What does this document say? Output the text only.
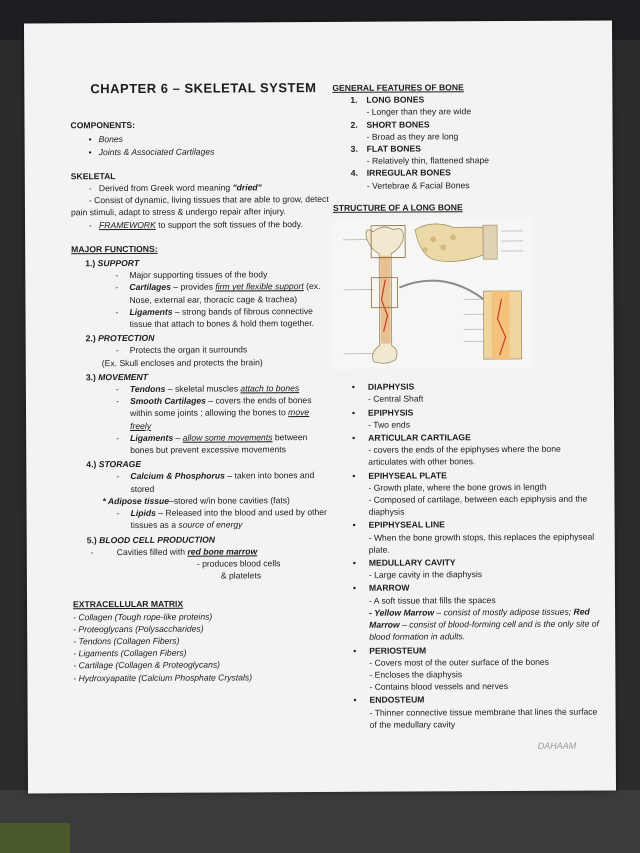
CHAPTER 6 – SKELETAL SYSTEM
COMPONENTS:
• Bones
• Joints & Associated Cartilages
SKELETAL
- Derived from Greek word meaning "dried"
- Consist of dynamic, living tissues that are able to grow, detect pain stimuli, adapt to stress & undergo repair after injury.
- FRAMEWORK to support the soft tissues of the body.
MAJOR FUNCTIONS:
1.) SUPPORT
- Major supporting tissues of the body
- Cartilages – provides firm yet flexible support (ex. Nose, external ear, thoracic cage & trachea)
- Ligaments – strong bands of fibrous connective tissue that attach to bones & hold them together.
2.) PROTECTION
- Protects the organ it surrounds
(Ex. Skull encloses and protects the brain)
3.) MOVEMENT
- Tendons – skeletal muscles attach to bones
- Smooth Cartilages – covers the ends of bones within some joints ; allowing the bones to move freely
- Ligaments – allow some movements between bones but prevent excessive movements
4.) STORAGE
- Calcium & Phosphorus – taken into bones and stored
* Adipose tissue–stored w/in bone cavities (fats)
- Lipids – Released into the blood and used by other tissues as a source of energy
5.) BLOOD CELL PRODUCTION
- Cavities filled with red bone marrow
- produces blood cells
& platelets
EXTRACELLULAR MATRIX
- Collagen (Tough rope-like proteins)
- Proteoglycans (Polysaccharides)
- Tendons (Collagen Fibers)
- Ligaments (Collagen Fibers)
- Cartilage (Collagen & Proteoglycans)
- Hydroxyapatite (Calcium Phosphate Crystals)
GENERAL FEATURES OF BONE
1. LONG BONES
- Longer than they are wide
2. SHORT BONES
- Broad as they are long
3. FLAT BONES
- Relatively thin, flattened shape
4. IRREGULAR BONES
- Vertebrae & Facial Bones
STRUCTURE OF A LONG BONE
• DIAPHYSIS
- Central Shaft
• EPIPHYSIS
- Two ends
• ARTICULAR CARTILAGE
- covers the ends of the epiphyses where the bone articulates with other bones.
• EPIHYSEAL PLATE
- Growth plate, where the bone grows in length
- Composed of cartilage, between each epiphysis and the diaphysis
• EPIPHYSEAL LINE
- When the bone growth stops, this replaces the epiphyseal plate.
• MEDULLARY CAVITY
- Large cavity in the diaphysis
• MARROW
- A soft tissue that fills the spaces
- Yellow Marrow – consist of mostly adipose tissues; Red Marrow – consist of blood-forming cell and is the only site of blood formation in adults.
• PERIOSTEUM
- Covers most of the outer surface of the bones
- Encloses the diaphysis
- Contains blood vessels and nerves
• ENDOSTEUM
- Thinner connective tissue membrane that lines the surface of the medullary cavity
DAHAAM
